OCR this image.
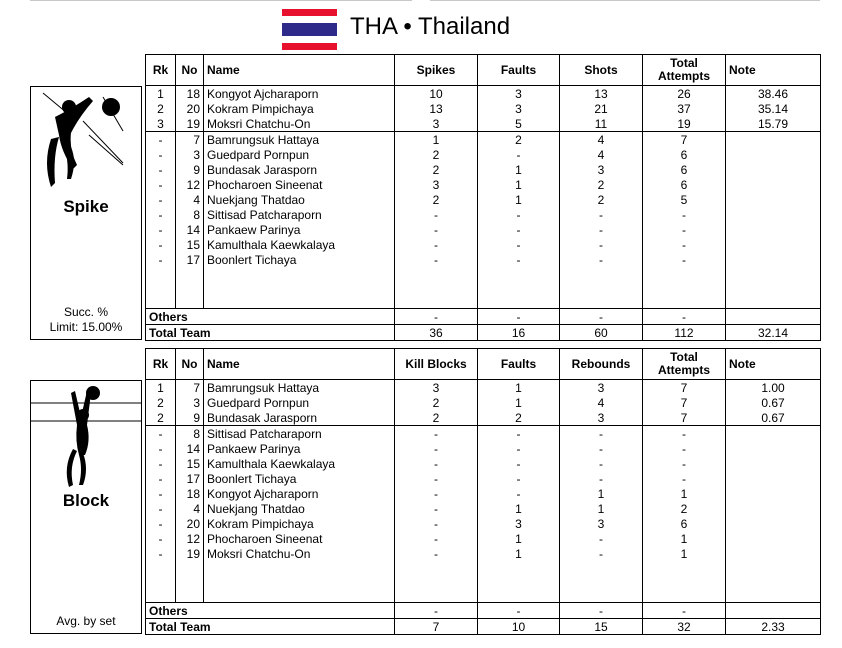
THA • Thailand
Spike
Succ. %
Limit: 15.00%
Rk	No	Name	Spikes	Faults	Shots	Total Attempts	Note
1	18	Kongyot Ajcharaporn	10	3	13	26	38.46
2	20	Kokram Pimpichaya	13	3	21	37	35.14
3	19	Moksri Chatchu-On	3	5	11	19	15.79
-	7	Bamrungsuk Hattaya	1	2	4	7	
-	3	Guedpard Pornpun	2	-	4	6	
-	9	Bundasak Jarasporn	2	1	3	6	
-	12	Phocharoen Sineenat	3	1	2	6	
-	4	Nuekjang Thatdao	2	1	2	5	
-	8	Sittisad Patcharaporn	-	-	-	-	
-	14	Pankaew Parinya	-	-	-	-	
-	15	Kamulthala Kaewkalaya	-	-	-	-	
-	17	Boonlert Tichaya	-	-	-	-	

Others			-	-	-	-	
Total Team			36	16	60	112	32.14
Block
Avg. by set
Rk	No	Name	Kill Blocks	Faults	Rebounds	Total Attempts	Note
1	7	Bamrungsuk Hattaya	3	1	3	7	1.00
2	3	Guedpard Pornpun	2	1	4	7	0.67
2	9	Bundasak Jarasporn	2	2	3	7	0.67
-	8	Sittisad Patcharaporn	-	-	-	-	
-	14	Pankaew Parinya	-	-	-	-	
-	15	Kamulthala Kaewkalaya	-	-	-	-	
-	17	Boonlert Tichaya	-	-	-	-	
-	18	Kongyot Ajcharaporn	-	-	1	1	
-	4	Nuekjang Thatdao	-	1	1	2	
-	20	Kokram Pimpichaya	-	3	3	6	
-	12	Phocharoen Sineenat	-	1	-	1	
-	19	Moksri Chatchu-On	-	1	-	1	

Others			-	-	-	-	
Total Team			7	10	15	32	2.33
